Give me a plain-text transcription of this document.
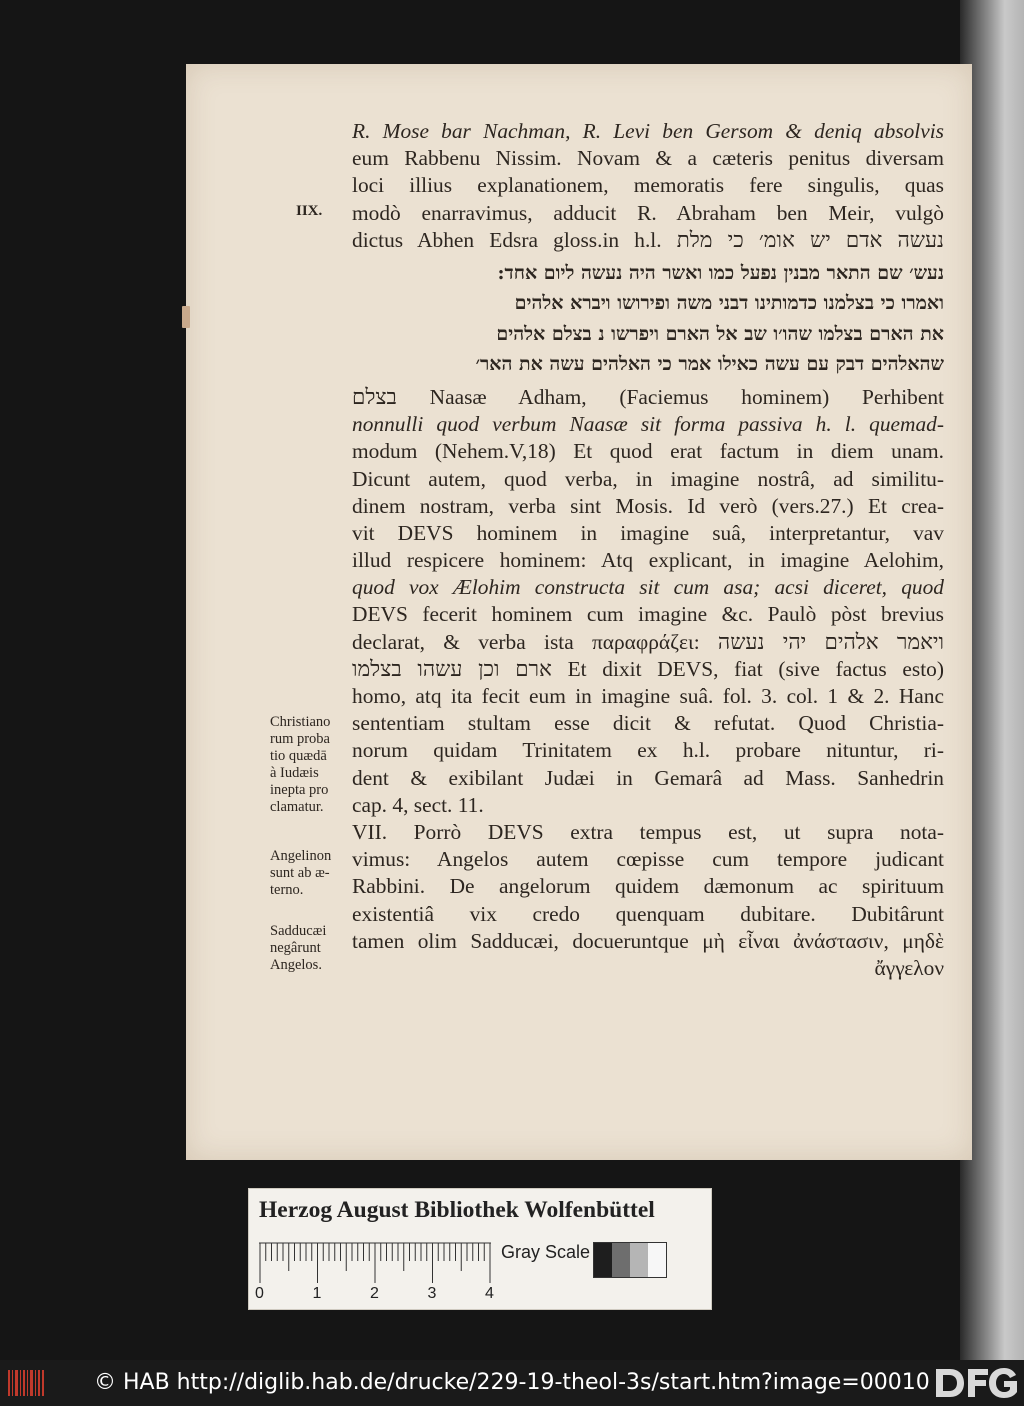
IIX.
R. Mose bar Nachman, R. Levi ben Gersom & deniq absolvis
eum Rabbenu Nissim. Novam & a cæteris penitus diversam
loci illius explanationem, memoratis fere singulis, quas
modò enarravimus, adducit R. Abraham ben Meir, vulgò
dictus Abhen Edsra gloss.in h.l. נעשה אדם יש אומ׳ כי מלת
נעש׳ שם התאר מבנין נפעל כמו ואשר היה נעשה ליום אחד:
ואמרו כי בצלמנו כדמותינו דבני משה ופירושו ויברא אלהים
את הארם בצלמו שהו׳ו שב אל הארם ויפרשו נ בצלם אלהים
שהאלהים דבק עם עשה כאילו אמר כי האלהים עשה את האר׳
בצלם Naasæ Adham, (Faciemus hominem) Perhibent
nonnulli quod verbum Naasæ sit forma passiva h. l. quemad-
modum (Nehem.V,18) Et quod erat factum in diem unam.
Dicunt autem, quod verba, in imagine nostrâ, ad similitu-
dinem nostram, verba sint Mosis. Id verò (vers.27.) Et crea-
vit DEVS hominem in imagine suâ, interpretantur, vav
illud respicere hominem: Atq explicant, in imagine Aelohim,
quod vox Ælohim constructa sit cum asa; acsi diceret, quod
DEVS fecerit hominem cum imagine &c. Paulò pòst brevius
declarat, & verba ista παραφράζει: ויאמר אלהים יהי נעשה
ארם וכן עשהו בצלמו Et dixit DEVS, fiat (sive factus esto)
homo, atq ita fecit eum in imagine suâ. fol. 3. col. 1 & 2. Hanc
sententiam stultam esse dicit & refutat. Quod Christia-
norum quidam Trinitatem ex h.l. probare nituntur, ri-
dent & exibilant Judæi in Gemarâ ad Mass. Sanhedrin
cap. 4, sect. 11.
VII. Porrò DEVS extra tempus est, ut supra nota-
vimus: Angelos autem cœpisse cum tempore judicant
Rabbini. De angelorum quidem dæmonum ac spirituum
existentiâ vix credo quenquam dubitare. Dubitârunt
tamen olim Sadducæi, docueruntque μὴ εἶναι ἀνάστασιν, μηδὲ
ἄγγελον
Christiano
rum proba
tio quædā
à Iudæis
inepta pro
clamatur.
Angelinon
sunt ab æ-
terno.
Sadducæi
negârunt
Angelos.
Herzog August Bibliothek Wolfenbüttel
Gray Scale
0	1	2	3	4
© HAB http://diglib.hab.de/drucke/229-19-theol-3s/start.htm?image=00010
